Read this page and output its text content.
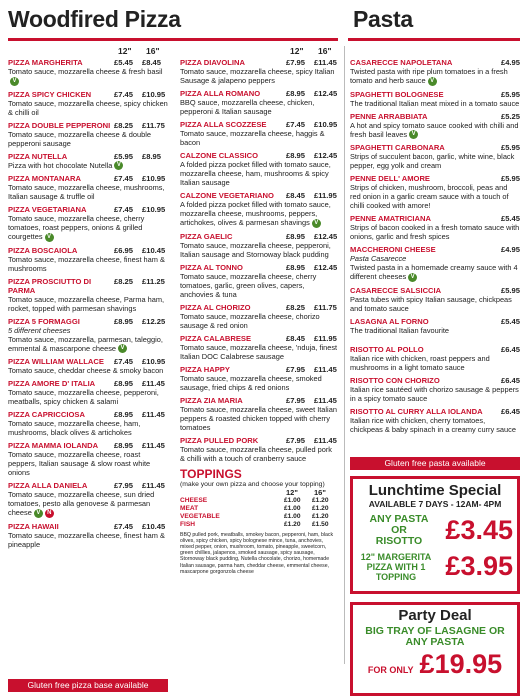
Woodfired Pizza	Pasta
12" 16"
PIZZA MARGHERITA	£5.45 £8.45
Tomato sauce, mozzarella cheese & fresh basilV
PIZZA SPICY CHICKEN	£7.45 £10.95
Tomato sauce, mozzarella cheese, spicy chicken & chilli oil
PIZZA DOUBLE PEPPERONI £8.25 £11.75
Tomato sauce, mozzarella cheese & double pepperoni sausage
PIZZA NUTELLA	£5.95 £8.95
Pizza with hot chocolate Nutella V
PIZZA MONTANARA	£7.45 £10.95
Tomato sauce, mozzarella cheese, mushrooms, Italian sausage & truffle oil
PIZZA VEGETARIANA	£7.45 £10.95
Tomato sauce, mozzarella cheese, cherry tomatoes, roast peppers, onions & grilled courgettes V
PIZZA BOSCAIOLA	£6.95 £10.45
Tomato sauce, mozzarella cheese, finest ham & mushrooms
PIZZA PROSCIUTTO DI PARMA
£8.25 £11.25
Tomato sauce, mozzarella cheese, Parma ham, rocket, topped with parmesan shavings
PIZZA 5 FORMAGGI	£8.95 £12.25
5 different cheeses
Tomato sauce, mozzarella, parmesan, taleggio, emmental & mascarpone cheese V
PIZZA WILLIAM WALLACE	£7.45 £10.95
Tomato sauce, cheddar cheese & smoky bacon
PIZZA AMORE D' ITALIA	£8.95 £11.45
Tomato sauce, mozzarella cheese, pepperoni, meatballs, spicy chicken & salami
PIZZA CAPRICCIOSA	£8.95 £11.45
Tomato sauce, mozzarella cheese, ham, mushrooms, black olives & artichokes
PIZZA MAMMA IOLANDA	£8.95 £11.45
Tomato sauce, mozzarella cheese, roast peppers, Italian sausage & slow roast white onions
PIZZA ALLA DANIELA	£7.95 £11.45
Tomato sauce, mozzarella cheese, sun dried tomatoes, pesto alla genovese & parmesan cheese V N
PIZZA HAWAII	£7.45 £10.45
Tomato sauce, mozzarella cheese, finest ham & pineapple
12" 16"
PIZZA DIAVOLINA	£7.95 £11.45
Tomato sauce, mozzarella cheese, spicy Italian Sausage & jalapeno peppers
PIZZA ALLA ROMANO	£8.95 £12.45
BBQ sauce, mozzarella cheese, chicken, pepperoni & Italian sausage
PIZZA ALLA SCOZZESE	£7.45 £10.95
Tomato sauce, mozzarella cheese, haggis & bacon
CALZONE CLASSICO	£8.95 £12.45
A folded pizza pocket filled with tomato sauce, mozzarella cheese, ham, mushrooms & spicy Italian sausage
CALZONE VEGETARIANO	£8.45 £11.95
A folded pizza pocket filled with tomato sauce, mozzarella cheese, mushrooms, peppers, artichokes, olives & parmesan shavings V
PIZZA GAELIC	£8.95 £12.45
Tomato sauce, mozzarella cheese, pepperoni, Italian sausage and Stornoway black pudding
PIZZA AL TONNO	£8.95 £12.45
Tomato sauce, mozzarella cheese, cherry tomatoes, garlic, green olives, capers, anchovies & tuna
PIZZA AL CHORIZO	£8.25 £11.75
Tomato sauce, mozzarella cheese, chorizo sausage & red onion
PIZZA CALABRESE	£8.45 £11.95
Tomato sauce, mozzarella cheese, 'nduja, finest Italian DOC Calabrese sausage
PIZZA HAPPY	£7.95 £11.45
Tomato sauce, mozzarella cheese, smoked sausage, fried chips & red onions
PIZZA ZIA MARIA	£7.95 £11.45
Tomato sauce, mozzarella cheese, sweet Italian peppers & roasted chicken topped with cherry tomatoes
PIZZA PULLED PORK	£7.95 £11.45
Tomato sauce, mozzarella cheese, pulled pork & chilli with a touch of cranberry sauce
TOPPINGS
(make your own pizza and choose your topping)
12" 16"
CHEESE	£1.00 £1.20
MEAT	£1.00 £1.20
VEGETABLE	£1.00 £1.20
FISH	£1.20 £1.50
BBQ pulled pork, meatballs, smokey bacon, pepperoni, ham, black olives, spicy chicken, spicy bolognese mince, tuna, anchovies, mixed pepper, onion, mushroom, tomato, pineapple, sweetcorn, green chillies, jalapenos, smoked sausage, spicy sausage, Stornoway black pudding, Nutella chocolate, chorizo, homemade Italian sausage, parma ham, cheddar cheese, emmental cheese, mascarpone gorgonzola cheese
Gluten free pizza base available
CASARECCE NAPOLETANA	£4.95
Twisted pasta with ripe plum tomatoes in a fresh tomato and herb sauce V
SPAGHETTI BOLOGNESE	£5.95
The traditional Italian meat mixed in a tomato sauce
PENNE ARRABBIATA	£5.25
A hot and spicy tomato sauce cooked with chilli and fresh basil leaves V
SPAGHETTI CARBONARA	£5.95
Strips of succulent bacon, garlic, white wine, black pepper, egg yolk and cream
PENNE DELL' AMORE	£5.95
Strips of chicken, mushroom, broccoli, peas and red onion in a garlic cream sauce with a touch of chilli cooked with amore!
PENNE AMATRICIANA	£5.45
Strips of bacon cooked in a fresh tomato sauce with onions, garlic and fresh spices
MACCHERONI CHEESE	£4.95
Pasta Casarecce
Twisted pasta in a homemade creamy sauce with 4 different cheeses V
CASARECCE SALSICCIA	£5.95
Pasta tubes with spicy Italian sausage, chickpeas and tomato sauce
LASAGNA AL FORNO	£5.45
The traditional Italian favourite
RISOTTO AL POLLO	£6.45
Italian rice with chicken, roast peppers and mushrooms in a light tomato sauce
RISOTTO CON CHORIZO	£6.45
Italian rice sautéed with chorizo sausage & peppers in a spicy tomato sauce
RISOTTO AL CURRY ALLA IOLANDA	£6.45
Italian rice with chicken, cherry tomatoes, chickpeas & baby spinach in a creamy curry sauce
Gluten free pasta available
Lunchtime Special
AVAILABLE 7 DAYS - 12AM- 4PM
ANY PASTA OR RISOTTO £3.45
12" MARGERITA PIZZA WITH 1 TOPPING	£3.95
Party Deal
BIG TRAY OF LASAGNE OR ANY PASTA
FOR ONLY £19.95
